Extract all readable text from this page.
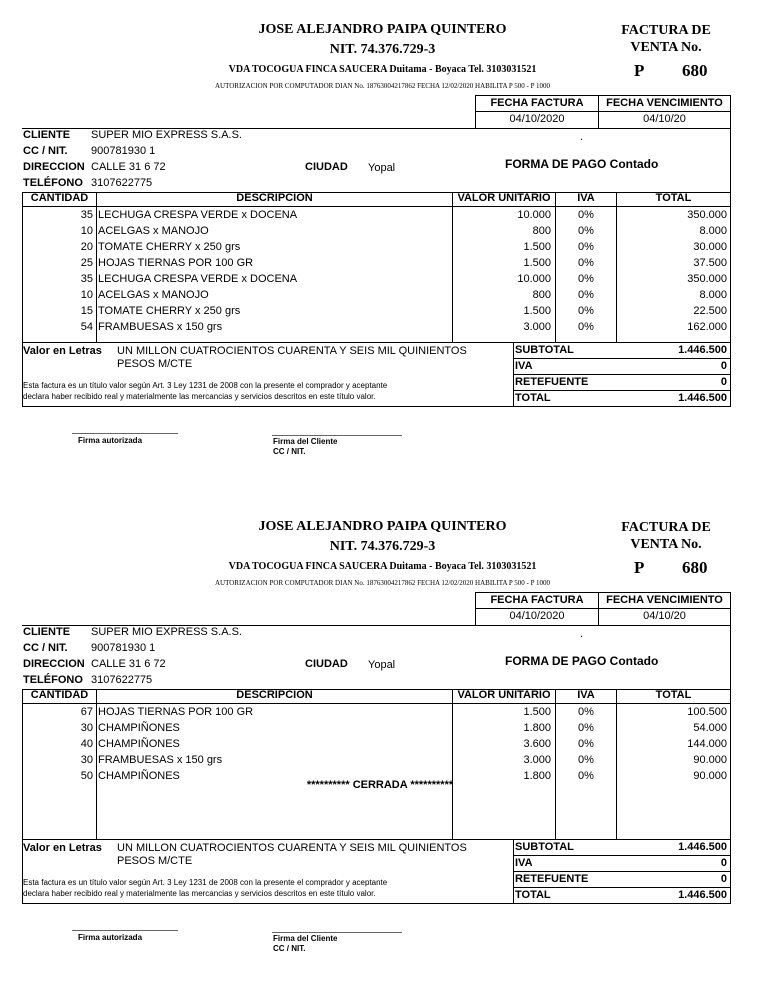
JOSE ALEJANDRO PAIPA QUINTERO
NIT. 74.376.729-3
VDA TOCOGUA FINCA SAUCERA Duitama - Boyaca Tel. 3103031521
AUTORIZACION POR COMPUTADOR DIAN No. 18763004217862 FECHA 12/02/2020 HABILITA P 500 - P 1000
FACTURA DE
VENTA No.
P 680
FECHA FACTURA	FECHA VENCIMIENTO
04/10/2020	04/10/20
.
CLIENTE SUPER MIO EXPRESS S.A.S.
CC / NIT. 900781930 1
DIRECCION CALLE 31 6 72	CIUDAD Yopal
TELÉFONO 3107622775
FORMA DE PAGO Contado
CANTIDAD	DESCRIPCION	VALOR UNITARIO	IVA	TOTAL
35 LECHUGA CRESPA VERDE x DOCENA	10.000	0%	350.000
10 ACELGAS x MANOJO	800	0%	8.000
20 TOMATE CHERRY x 250 grs	1.500	0%	30.000
25 HOJAS TIERNAS POR 100 GR	1.500	0%	37.500
35 LECHUGA CRESPA VERDE x DOCENA	10.000	0%	350.000
10 ACELGAS x MANOJO	800	0%	8.000
15 TOMATE CHERRY x 250 grs	1.500	0%	22.500
54 FRAMBUESAS x 150 grs	3.000	0%	162.000
Valor en Letras UN MILLON CUATROCIENTOS CUARENTA Y SEIS MIL QUINIENTOS
PESOS M/CTE
Esta factura es un título valor según Art. 3 Ley 1231 de 2008 con la presente el comprador y aceptante
declara haber recibido real y materialmente las mercancias y servicios descritos en este título valor.
SUBTOTAL	1.446.500
IVA	0
RETEFUENTE	0
TOTAL	1.446.500
Firma autorizada	Firma del Cliente
CC / NIT.
JOSE ALEJANDRO PAIPA QUINTERO
NIT. 74.376.729-3
VDA TOCOGUA FINCA SAUCERA Duitama - Boyaca Tel. 3103031521
AUTORIZACION POR COMPUTADOR DIAN No. 18763004217862 FECHA 12/02/2020 HABILITA P 500 - P 1000
FACTURA DE
VENTA No.
P 680
FECHA FACTURA	FECHA VENCIMIENTO
04/10/2020	04/10/20
.
CLIENTE SUPER MIO EXPRESS S.A.S.
CC / NIT. 900781930 1
DIRECCION CALLE 31 6 72	CIUDAD Yopal
TELÉFONO 3107622775
FORMA DE PAGO Contado
CANTIDAD	DESCRIPCION	VALOR UNITARIO	IVA	TOTAL
67 HOJAS TIERNAS POR 100 GR	1.500	0%	100.500
30 CHAMPIÑONES	1.800	0%	54.000
40 CHAMPIÑONES	3.600	0%	144.000
30 FRAMBUESAS x 150 grs	3.000	0%	90.000
50 CHAMPIÑONES	1.800	0%	90.000
********** CERRADA **********
Valor en Letras UN MILLON CUATROCIENTOS CUARENTA Y SEIS MIL QUINIENTOS
PESOS M/CTE
Esta factura es un título valor según Art. 3 Ley 1231 de 2008 con la presente el comprador y aceptante
declara haber recibido real y materialmente las mercancias y servicios descritos en este título valor.
SUBTOTAL	1.446.500
IVA	0
RETEFUENTE	0
TOTAL	1.446.500
Firma autorizada	Firma del Cliente
CC / NIT.
